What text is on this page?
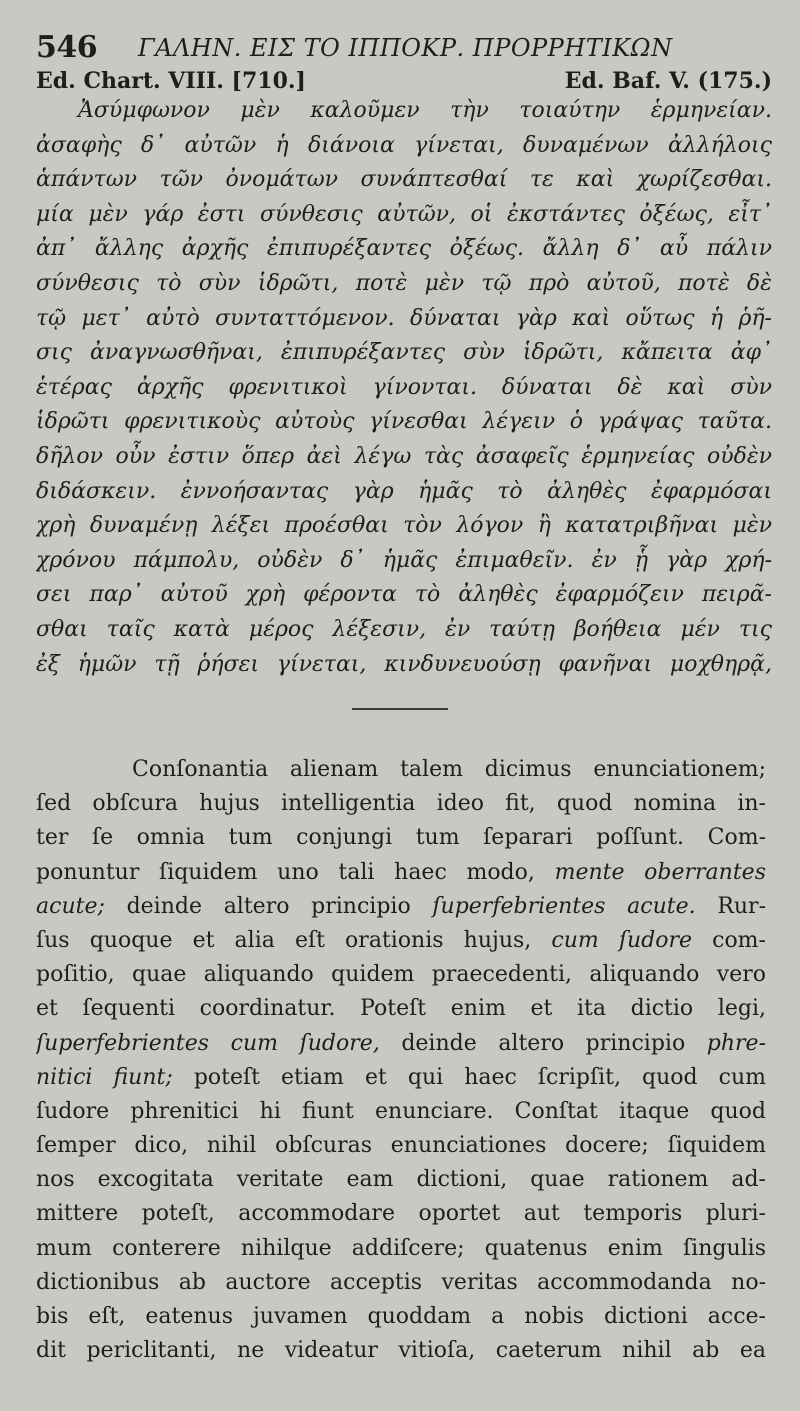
546 ΓΑΛΗΝ. ΕΙΣ ΤΟ ΙΠΠΟΚΡ. ΠΡΟΡΡΗΤΙΚΩΝ
Ed. Chart. VIII. [710.]	Ed. Baf. V. (175.)
Ἀσύμφωνον μὲν καλοῦμεν τὴν τοιαύτην ἑρμηνείαν.
ἀσαφὴς δ᾽ αὐτῶν ἡ διάνοια γίνεται, δυναμένων ἀλλήλοις
ἁπάντων τῶν ὀνομάτων συνάπτεσθαί τε καὶ χωρίζεσθαι.
μία μὲν γάρ ἐστι σύνθεσις αὐτῶν, οἱ ἐκστάντες ὀξέως, εἶτ᾽
ἀπ᾽ ἄλλης ἀρχῆς ἐπιπυρέξαντες ὀξέως. ἄλλη δ᾽ αὖ πάλιν
σύνθεσις τὸ σὺν ἱδρῶτι, ποτὲ μὲν τῷ πρὸ αὐτοῦ, ποτὲ δὲ
τῷ μετ᾽ αὐτὸ συνταττόμενον. δύναται γὰρ καὶ οὕτως ἡ ῥῆ-
σις ἀναγνωσθῆναι, ἐπιπυρέξαντες σὺν ἱδρῶτι, κἄπειτα ἀφ᾽
ἑτέρας ἀρχῆς φρενιτικοὶ γίνονται. δύναται δὲ καὶ σὺν
ἱδρῶτι φρενιτικοὺς αὐτοὺς γίνεσθαι λέγειν ὁ γράψας ταῦτα.
δῆλον οὖν ἐστιν ὅπερ ἀεὶ λέγω τὰς ἀσαφεῖς ἑρμηνείας οὐδὲν
διδάσκειν. ἐννοήσαντας γὰρ ἡμᾶς τὸ ἀληθὲς ἐφαρμόσαι
χρὴ δυναμένῃ λέξει προέσθαι τὸν λόγον ἢ κατατριβῆναι μὲν
χρόνου πάμπολυ, οὐδὲν δ᾽ ἡμᾶς ἐπιμαθεῖν. ἐν ᾗ γὰρ χρή-
σει παρ᾽ αὐτοῦ χρὴ φέροντα τὸ ἀληθὲς ἐφαρμόζειν πειρᾶ-
σθαι ταῖς κατὰ μέρος λέξεσιν, ἐν ταύτῃ βοήθεια μέν τις
ἐξ ἡμῶν τῇ ῥήσει γίνεται, κινδυνευούσῃ φανῆναι μοχθηρᾷ,
Conſonantia alienam talem dicimus enunciationem;
ſed obſcura hujus intelligentia ideo fit, quod nomina in-
ter ſe omnia tum conjungi tum ſeparari poſſunt. Com-
ponuntur ſiquidem uno tali haec modo, mente oberrantes
acute; deinde altero principio ſuperfebrientes acute. Rur-
ſus quoque et alia eſt orationis hujus, cum ſudore com-
poſitio, quae aliquando quidem praecedenti, aliquando vero
et ſequenti coordinatur. Poteſt enim et ita dictio legi,
ſuperfebrientes cum ſudore, deinde altero principio phre-
nitici fiunt; poteſt etiam et qui haec ſcripſit, quod cum
ſudore phrenitici hi fiunt enunciare. Conſtat itaque quod
ſemper dico, nihil obſcuras enunciationes docere; ſiquidem
nos excogitata veritate eam dictioni, quae rationem ad-
mittere poteſt, accommodare oportet aut temporis pluri-
mum conterere nihilque addiſcere; quatenus enim ſingulis
dictionibus ab auctore acceptis veritas accommodanda no-
bis eſt, eatenus juvamen quoddam a nobis dictioni acce-
dit periclitanti, ne videatur vitioſa, caeterum nihil ab ea
